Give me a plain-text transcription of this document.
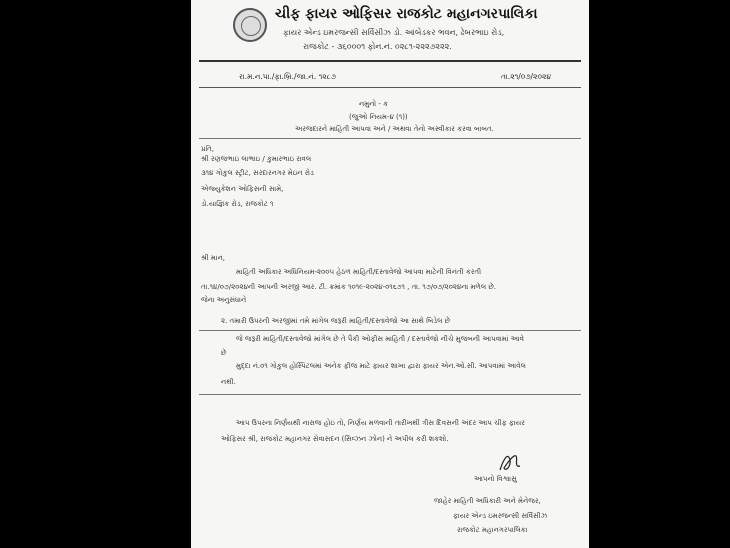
ચીફ ફાયર ઓફિસર રાજકોટ મહાનગરપાલિકા
ફાયર એન્ડ ઇમરજન્સી સર્વિસીઝ ડો. આંબેડકર ભવન, ઢેબરભાઇ રોડ,
રાજકોટ - ૩૬૦૦૦૧ ફોન.નં. ૦૨૮૧-૨૨૨૭૨૨૨.
રા.મ.ન.પા./ફા.બ્રિ./જા.નં. ૧૨૮૭	તા.૨૧/૦૭/૨૦૨૪
નમુનો - ક
(જુઓ નિયમ-૪ (૧))
અરજદારને માહિતી આપવા અને / અથવા તેનો અસ્વીકાર કરવા બાબત.
પ્રતિ,
શ્રી રણજભાઇ લાભાઇ / કુમારભાઇ રાવલ
૩૧૪ ગોકુલ સ્ટ્રીટ, સરદારનગર મેઇન રોડ
એજ્યુકેશન ઓફિસની સામે,
ડો.યાજ્ઞિક રોડ, રાજકોટ ૧
શ્રી માન,
માહિતી અધિકાર અધિનિયમ-૨૦૦૫ હેઠળ માહિતી/દસ્તાવેજો આપવા માટેની વિનંતી કરતી
તા.૧૪/૦૭/૨૦૨૪ની આપની અરજી આર. ટી. ક્રમાંક ૧૦૧૯-૨૦૨૪-૦૧૬૭૧ , તા. ૧૭/૦૭/૨૦૨૪ના મળેલ છે.
જેના અનુસંધાને
૨. તમારી ઉપરની અરજીમાં તમે માંગેલ જરૂરી માહિતી/દસ્તાવેજો આ સાથે બિડેલ છે
જે જરૂરી માહિતી/દસ્તાવેજો માંગેલ છે તે પૈકી ઓફીસ માહિતી / દસ્તાવેજો નીચે મુજબની આપવામાં આવે
છે
મુદ્દા નં.૦૧ ગોકુલ હોસ્પિટલમાં અનેક ફીજ માટે ફાયર શાખા દ્વારા ફાયર એન.ઓ.સી. આપવામાં આવેલ
નથી.
આપ ઉપરના નિર્ણયથી નારાજ હોઇ તો, નિર્ણય મળવાની તારીખથી ત્રીસ દિવસની અંદર આપ ચીફ ફાયર
ઓફિસર શ્રી, રાજકોટ મહાનગર સેવાસદન (સિવ્ઝન ઝોન) ને અપીલ કરી શકશો.
આપનો વિશ્વાસુ
જાહેર માહિતી અધિકારી અને મેનેજર,
ફાયર એન્ડ ઇમરજન્સી સર્વિસીઝ
રાજકોટ મહાનગરપાલિકા
